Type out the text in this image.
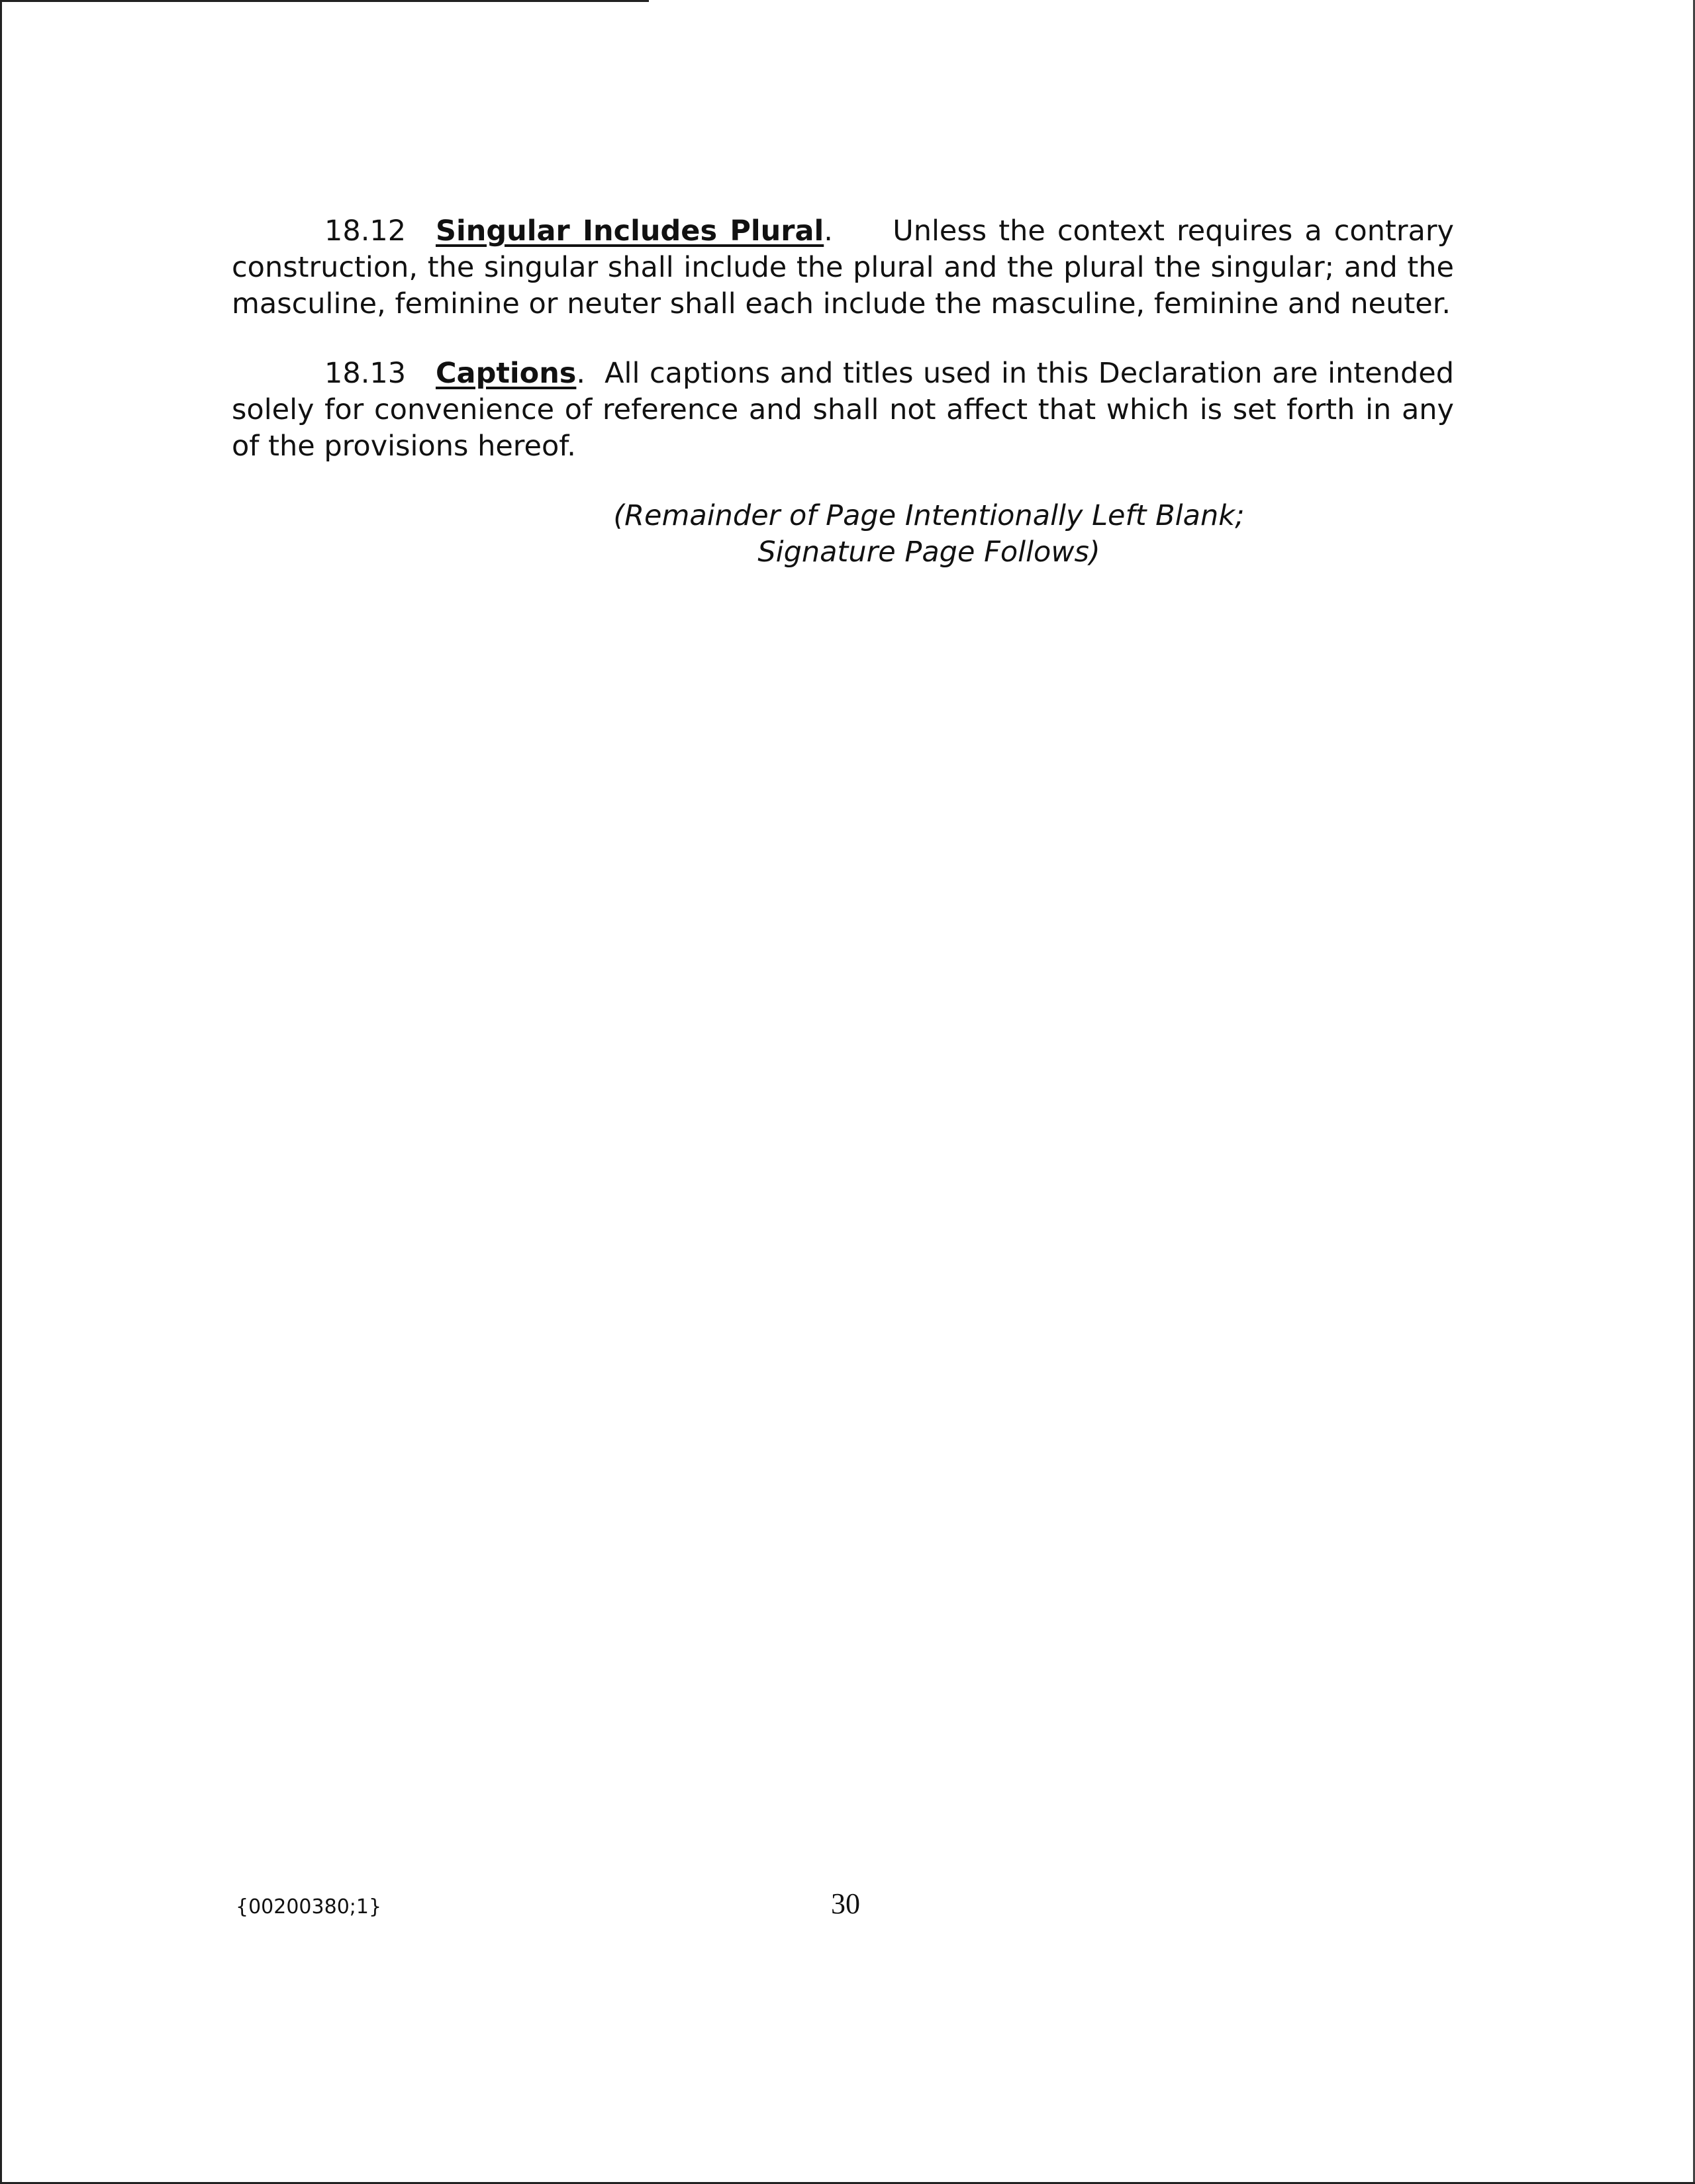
18.12 Singular Includes Plural.     Unless the context requires a contrary construction, the singular shall include the plural and the plural the singular; and the masculine, feminine or neuter shall each include the masculine, feminine and neuter.

18.13 Captions.  All captions and titles used in this Declaration are intended solely for convenience of reference and shall not affect that which is set forth in any of the provisions hereof.

(Remainder of Page Intentionally Left Blank;
Signature Page Follows)
{00200380;1}	30
